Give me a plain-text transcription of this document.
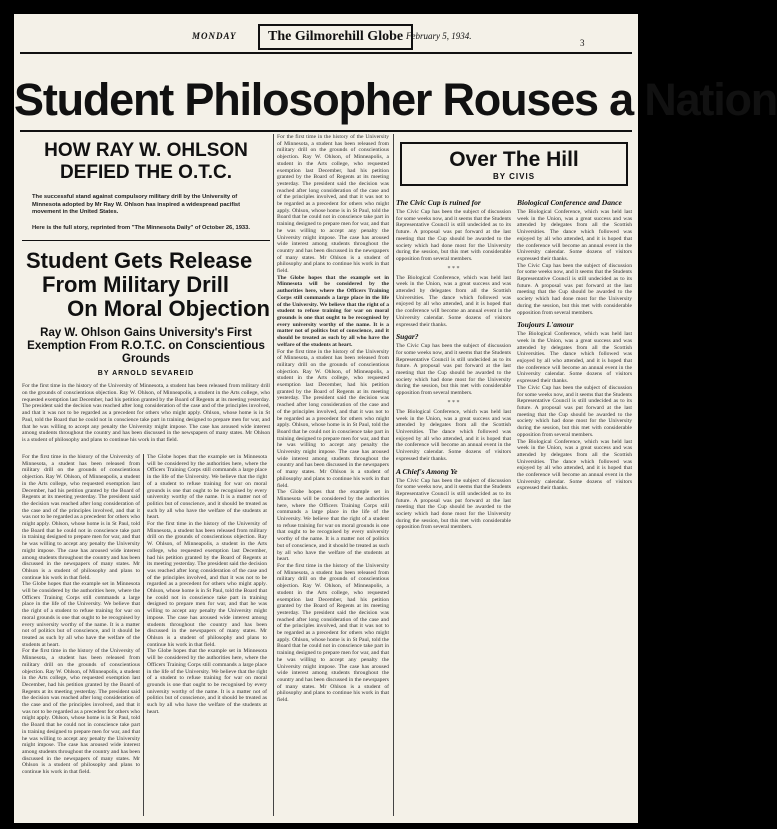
MONDAY	The Gilmorehill Globe February 5, 1934.
3
Student Philosopher Rouses a Nation
HOW RAY W. OHLSON DEFIED THE O.T.C.

The successful stand against compulsory military drill by the University of Minnesota adopted by Mr Ray W. Ohlson has inspired a widespread pacifist movement in the United States.

Here is the full story, reprinted from "The Minnesota Daily" of October 26, 1933.

Student Gets Release
From Military Drill
On Moral Objection
Ray W. Ohlson Gains University's First Exemption From R.O.T.C. on Conscientious Grounds
BY ARNOLD SEVAREID

For the first time in the history of the University of Minnesota, a student has been released from military drill on the grounds of conscientious objection. Ray W. Ohlson, of Minneapolis, a student in the Arts college, who requested exemption last December, had his petition granted by the Board of Regents at its meeting yesterday. The president said the decision was reached after long consideration of the case and of the principles involved, and that it was not to be regarded as a precedent for others who might apply. Ohlson, whose home is in St Paul, told the Board that he could not in conscience take part in training designed to prepare men for war, and that he was willing to accept any penalty the University might impose. The case has aroused wide interest among students throughout the country and has been discussed in the newspapers of many states. Mr Ohlson is a student of philosophy and plans to continue his work in that field.

For the first time in the history of the University of Minnesota, a student has been released from military drill on the grounds of conscientious objection. Ray W. Ohlson, of Minneapolis, a student in the Arts college, who requested exemption last December, had his petition granted by the Board of Regents at its meeting yesterday. The president said the decision was reached after long consideration of the case and of the principles involved, and that it was not to be regarded as a precedent for others who might apply. Ohlson, whose home is in St Paul, told the Board that he could not in conscience take part in training designed to prepare men for war, and that he was willing to accept any penalty the University might impose. The case has aroused wide interest among students throughout the country and has been discussed in the newspapers of many states. Mr Ohlson is a student of philosophy and plans to continue his work in that field.

The Globe hopes that the example set in Minnesota will be considered by the authorities here, where the Officers Training Corps still commands a large place in the life of the University. We believe that the right of a student to refuse training for war on moral grounds is one that ought to be recognised by every university worthy of the name. It is a matter not of politics but of conscience, and it should be treated as such by all who have the welfare of the students at heart.

For the first time in the history of the University of Minnesota, a student has been released from military drill on the grounds of conscientious objection. Ray W. Ohlson, of Minneapolis, a student in the Arts college, who requested exemption last December, had his petition granted by the Board of Regents at its meeting yesterday. The president said the decision was reached after long consideration of the case and of the principles involved, and that it was not to be regarded as a precedent for others who might apply. Ohlson, whose home is in St Paul, told the Board that he could not in conscience take part in training designed to prepare men for war, and that he was willing to accept any penalty the University might impose. The case has aroused wide interest among students throughout the country and has been discussed in the newspapers of many states. Mr Ohlson is a student of philosophy and plans to continue his work in that field.

The Globe hopes that the example set in Minnesota will be considered by the authorities here, where the Officers Training Corps still commands a large place in the life of the University. We believe that the right of a student to refuse training for war on moral grounds is one that ought to be recognised by every university worthy of the name. It is a matter not of politics but of conscience, and it should be treated as such by all who have the welfare of the students at heart.

For the first time in the history of the University of Minnesota, a student has been released from military drill on the grounds of conscientious objection. Ray W. Ohlson, of Minneapolis, a student in the Arts college, who requested exemption last December, had his petition granted by the Board of Regents at its meeting yesterday. The president said the decision was reached after long consideration of the case and of the principles involved, and that it was not to be regarded as a precedent for others who might apply. Ohlson, whose home is in St Paul, told the Board that he could not in conscience take part in training designed to prepare men for war, and that he was willing to accept any penalty the University might impose. The case has aroused wide interest among students throughout the country and has been discussed in the newspapers of many states. Mr Ohlson is a student of philosophy and plans to continue his work in that field.

The Globe hopes that the example set in Minnesota will be considered by the authorities here, where the Officers Training Corps still commands a large place in the life of the University. We believe that the right of a student to refuse training for war on moral grounds is one that ought to be recognised by every university worthy of the name. It is a matter not of politics but of conscience, and it should be treated as such by all who have the welfare of the students at heart.

For the first time in the history of the University of Minnesota, a student has been released from military drill on the grounds of conscientious objection. Ray W. Ohlson, of Minneapolis, a student in the Arts college, who requested exemption last December, had his petition granted by the Board of Regents at its meeting yesterday. The president said the decision was reached after long consideration of the case and of the principles involved, and that it was not to be regarded as a precedent for others who might apply. Ohlson, whose home is in St Paul, told the Board that he could not in conscience take part in training designed to prepare men for war, and that he was willing to accept any penalty the University might impose. The case has aroused wide interest among students throughout the country and has been discussed in the newspapers of many states. Mr Ohlson is a student of philosophy and plans to continue his work in that field.

The Globe hopes that the example set in Minnesota will be considered by the authorities here, where the Officers Training Corps still commands a large place in the life of the University. We believe that the right of a student to refuse training for war on moral grounds is one that ought to be recognised by every university worthy of the name. It is a matter not of politics but of conscience, and it should be treated as such by all who have the welfare of the students at heart.

For the first time in the history of the University of Minnesota, a student has been released from military drill on the grounds of conscientious objection. Ray W. Ohlson, of Minneapolis, a student in the Arts college, who requested exemption last December, had his petition granted by the Board of Regents at its meeting yesterday. The president said the decision was reached after long consideration of the case and of the principles involved, and that it was not to be regarded as a precedent for others who might apply. Ohlson, whose home is in St Paul, told the Board that he could not in conscience take part in training designed to prepare men for war, and that he was willing to accept any penalty the University might impose. The case has aroused wide interest among students throughout the country and has been discussed in the newspapers of many states. Mr Ohlson is a student of philosophy and plans to continue his work in that field.

The Globe hopes that the example set in Minnesota will be considered by the authorities here, where the Officers Training Corps still commands a large place in the life of the University. We believe that the right of a student to refuse training for war on moral grounds is one that ought to be recognised by every university worthy of the name. It is a matter not of politics but of conscience, and it should be treated as such by all who have the welfare of the students at heart.

For the first time in the history of the University of Minnesota, a student has been released from military drill on the grounds of conscientious objection. Ray W. Ohlson, of Minneapolis, a student in the Arts college, who requested exemption last December, had his petition granted by the Board of Regents at its meeting yesterday. The president said the decision was reached after long consideration of the case and of the principles involved, and that it was not to be regarded as a precedent for others who might apply. Ohlson, whose home is in St Paul, told the Board that he could not in conscience take part in training designed to prepare men for war, and that he was willing to accept any penalty the University might impose. The case has aroused wide interest among students throughout the country and has been discussed in the newspapers of many states. Mr Ohlson is a student of philosophy and plans to continue his work in that field.

Over The Hill
BY CIVIS
The Civic Cup is ruined for

The Civic Cup has been the subject of discussion for some weeks now, and it seems that the Students Representative Council is still undecided as to its future. A proposal was put forward at the last meeting that the Cup should be awarded to the society which had done most for the University during the session, but this met with considerable opposition from several members.

* * *

The Biological Conference, which was held last week in the Union, was a great success and was attended by delegates from all the Scottish Universities. The dance which followed was enjoyed by all who attended, and it is hoped that the conference will become an annual event in the University calendar. Some dozens of visitors expressed their thanks.

Sugar?

The Civic Cup has been the subject of discussion for some weeks now, and it seems that the Students Representative Council is still undecided as to its future. A proposal was put forward at the last meeting that the Cup should be awarded to the society which had done most for the University during the session, but this met with considerable opposition from several members.

* * *

The Biological Conference, which was held last week in the Union, was a great success and was attended by delegates from all the Scottish Universities. The dance which followed was enjoyed by all who attended, and it is hoped that the conference will become an annual event in the University calendar. Some dozens of visitors expressed their thanks.

A Chief's Among Ye

The Civic Cup has been the subject of discussion for some weeks now, and it seems that the Students Representative Council is still undecided as to its future. A proposal was put forward at the last meeting that the Cup should be awarded to the society which had done most for the University during the session, but this met with considerable opposition from several members.

Biological Conference and Dance

The Biological Conference, which was held last week in the Union, was a great success and was attended by delegates from all the Scottish Universities. The dance which followed was enjoyed by all who attended, and it is hoped that the conference will become an annual event in the University calendar. Some dozens of visitors expressed their thanks.

The Civic Cup has been the subject of discussion for some weeks now, and it seems that the Students Representative Council is still undecided as to its future. A proposal was put forward at the last meeting that the Cup should be awarded to the society which had done most for the University during the session, but this met with considerable opposition from several members.

Toujours L'amour

The Biological Conference, which was held last week in the Union, was a great success and was attended by delegates from all the Scottish Universities. The dance which followed was enjoyed by all who attended, and it is hoped that the conference will become an annual event in the University calendar. Some dozens of visitors expressed their thanks.

The Civic Cup has been the subject of discussion for some weeks now, and it seems that the Students Representative Council is still undecided as to its future. A proposal was put forward at the last meeting that the Cup should be awarded to the society which had done most for the University during the session, but this met with considerable opposition from several members.

The Biological Conference, which was held last week in the Union, was a great success and was attended by delegates from all the Scottish Universities. The dance which followed was enjoyed by all who attended, and it is hoped that the conference will become an annual event in the University calendar. Some dozens of visitors expressed their thanks.
